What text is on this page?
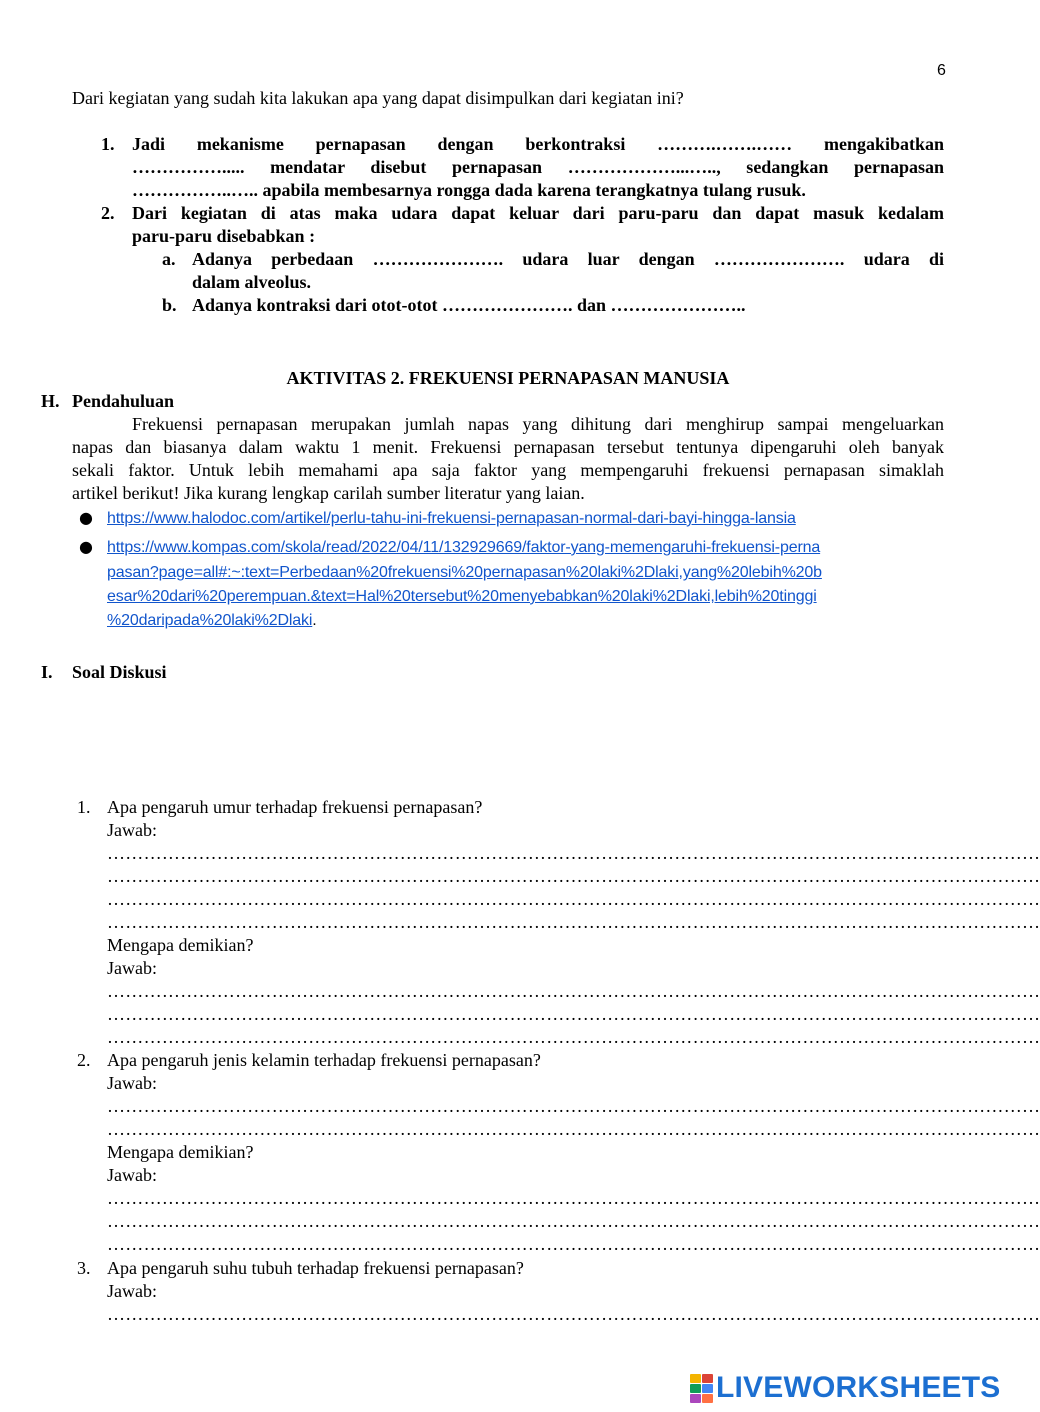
6
Dari kegiatan yang sudah kita lakukan apa yang dapat disimpulkan dari kegiatan ini?
1. Jadi mekanisme pernapasan dengan berkontraksi ……….…….…… mengakibatkan
……………..... mendatar disebut pernapasan ………………...….., sedangkan pernapasan
……………..….. apabila membesarnya rongga dada karena terangkatnya tulang rusuk.
2. Dari kegiatan di atas maka udara dapat keluar dari paru-paru dan dapat masuk kedalam
paru-paru disebabkan :
a. Adanya perbedaan …………………. udara luar dengan …………………. udara di
dalam alveolus.
b. Adanya kontraksi dari otot-otot …………………. dan …………………..
AKTIVITAS 2. FREKUENSI PERNAPASAN MANUSIA
H. Pendahuluan
Frekuensi pernapasan merupakan jumlah napas yang dihitung dari menghirup sampai mengeluarkan
napas dan biasanya dalam waktu 1 menit. Frekuensi pernapasan tersebut tentunya dipengaruhi oleh banyak
sekali faktor. Untuk lebih memahami apa saja faktor yang mempengaruhi frekuensi pernapasan simaklah
artikel berikut! Jika kurang lengkap carilah sumber literatur yang laian.
● https://www.halodoc.com/artikel/perlu-tahu-ini-frekuensi-pernapasan-normal-dari-bayi-hingga-lansia
● https://www.kompas.com/skola/read/2022/04/11/132929669/faktor-yang-memengaruhi-frekuensi-perna
pasan?page=all#:~:text=Perbedaan%20frekuensi%20pernapasan%20laki%2Dlaki,yang%20lebih%20b
esar%20dari%20perempuan.&text=Hal%20tersebut%20menyebabkan%20laki%2Dlaki,lebih%20tinggi
%20daripada%20laki%2Dlaki.
I. Soal Diskusi
1. Apa pengaruh umur terhadap frekuensi pernapasan?
Jawab:
………………………………………………………………………………………………………………………………………
………………………………………………………………………………………………………………………………………
………………………………………………………………………………………………………………………………………
………………………………………………………………………………………………………………………………………
Mengapa demikian?
Jawab:
………………………………………………………………………………………………………………………………………
………………………………………………………………………………………………………………………………………
………………………………………………………………………………………………………………………………………
2. Apa pengaruh jenis kelamin terhadap frekuensi pernapasan?
Jawab:
………………………………………………………………………………………………………………………………………
………………………………………………………………………………………………………………………………………
Mengapa demikian?
Jawab:
………………………………………………………………………………………………………………………………………
………………………………………………………………………………………………………………………………………
………………………………………………………………………………………………………………………………………
3. Apa pengaruh suhu tubuh terhadap frekuensi pernapasan?
Jawab:
………………………………………………………………………………………………………………………………………
LIVEWORKSHEETS
